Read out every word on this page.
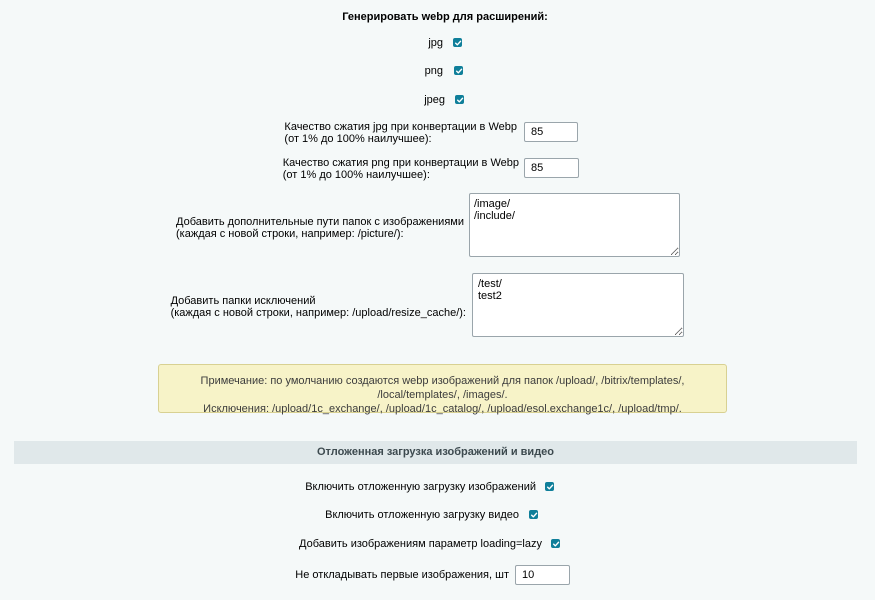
Генерировать webp для расширений:
jpg
png
jpeg
Качество сжатия jpg при конвертации в Webp
(от 1% до 100% наилучшее):
85
Качество сжатия png при конвертации в Webp
(от 1% до 100% наилучшее):
85
Добавить дополнительные пути папок с изображениями
(каждая с новой строки, например: /picture/):
/image/ /include/
Добавить папки исключений
(каждая с новой строки, например: /upload/resize_cache/):
/test/ test2
Примечание: по умолчанию создаются webp изображений для папок /upload/, /bitrix/templates/, /local/templates/, /images/.
Исключения: /upload/1c_exchange/, /upload/1c_catalog/, /upload/esol.exchange1c/, /upload/tmp/.
Отложенная загрузка изображений и видео
Включить отложенную загрузку изображений
Включить отложенную загрузку видео
Добавить изображениям параметр loading=lazy
Не откладывать первые изображения, шт
10
